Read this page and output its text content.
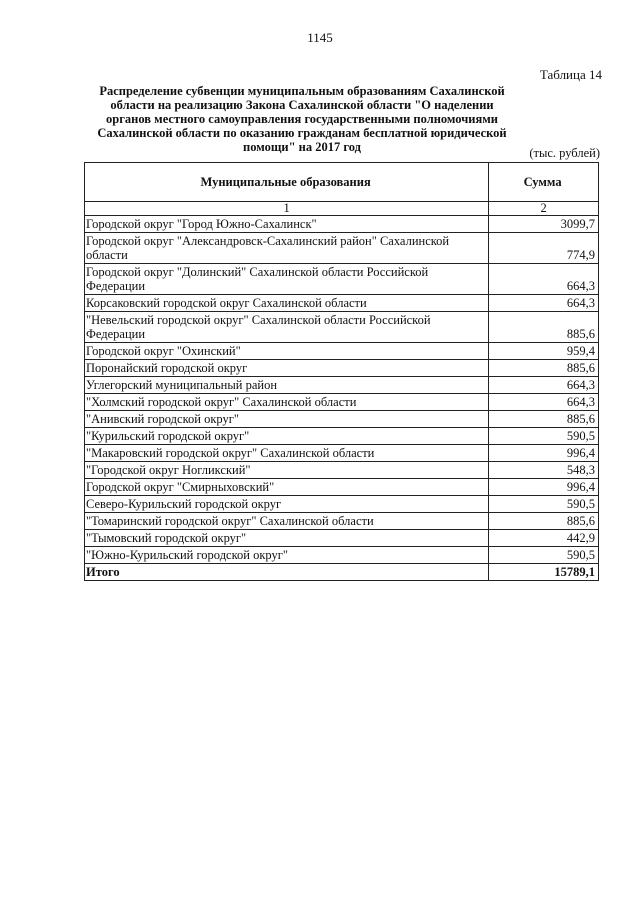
1145
Таблица 14
Распределение субвенции муниципальным образованиям Сахалинской области на реализацию Закона Сахалинской области "О наделении органов местного самоуправления государственными полномочиями Сахалинской области по оказанию гражданам бесплатной юридической помощи" на 2017 год	(тыс. рублей)
Муниципальные образования	Сумма
1	2
Городской округ "Город Южно-Сахалинск"	3099,7
Городской округ "Александровск-Сахалинский район" Сахалинской области	774,9
Городской округ "Долинский" Сахалинской области Российской Федерации	664,3
Корсаковский городской округ Сахалинской области	664,3
"Невельский городской округ" Сахалинской области Российской Федерации	885,6
Городской округ "Охинский"	959,4
Поронайский городской округ	885,6
Углегорский муниципальный район	664,3
"Холмский городской округ" Сахалинской области	664,3
"Анивский городской округ"	885,6
"Курильский городской округ"	590,5
"Макаровский городской округ" Сахалинской области	996,4
"Городской округ Ногликский"	548,3
Городской округ "Смирныховский"	996,4
Северо-Курильский городской округ	590,5
"Томаринский городской округ" Сахалинской области	885,6
"Тымовский городской округ"	442,9
"Южно-Курильский городской округ"	590,5
Итого	15789,1
